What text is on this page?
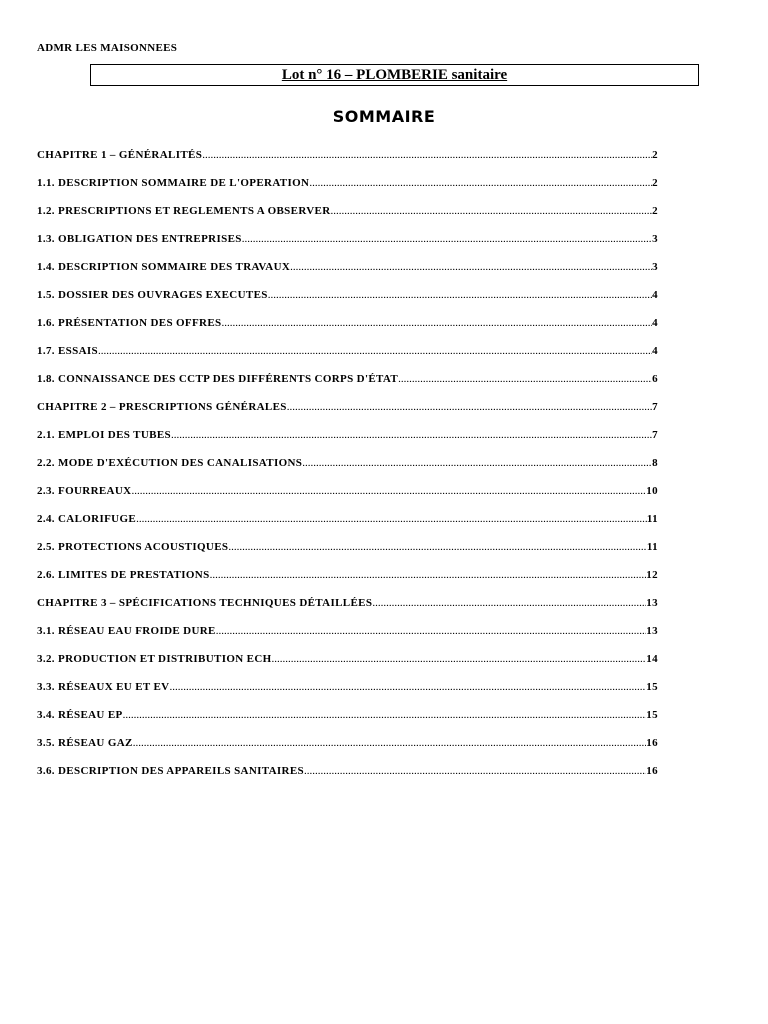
ADMR LES MAISONNEES
Lot n° 16 – PLOMBERIE sanitaire
SOMMAIRE
CHAPITRE 1 – GÉNÉRALITÉS .....	2
1.1. DESCRIPTION SOMMAIRE DE L'OPERATION .....	2
1.2. PRESCRIPTIONS ET REGLEMENTS A OBSERVER .....	2
1.3. OBLIGATION DES ENTREPRISES .....	3
1.4. DESCRIPTION SOMMAIRE DES TRAVAUX .....	3
1.5. DOSSIER DES OUVRAGES EXECUTES .....	4
1.6. PRÉSENTATION DES OFFRES .....	4
1.7. ESSAIS .....	4
1.8. CONNAISSANCE DES CCTP DES DIFFÉRENTS CORPS D'ÉTAT .....	6
CHAPITRE 2 – PRESCRIPTIONS GÉNÉRALES .....	7
2.1. EMPLOI DES TUBES .....	7
2.2. MODE D'EXÉCUTION DES CANALISATIONS .....	8
2.3. FOURREAUX .....	10
2.4. CALORIFUGE .....	11
2.5. PROTECTIONS ACOUSTIQUES .....	11
2.6. LIMITES DE PRESTATIONS .....	12
CHAPITRE 3 – SPÉCIFICATIONS TECHNIQUES DÉTAILLÉES .....	13
3.1. RÉSEAU EAU FROIDE DURE .....	13
3.2. PRODUCTION ET DISTRIBUTION ECH .....	14
3.3. RÉSEAUX EU ET EV .....	15
3.4. RÉSEAU EP .....	15
3.5. RÉSEAU GAZ .....	16
3.6. DESCRIPTION DES APPAREILS SANITAIRES .....	16
